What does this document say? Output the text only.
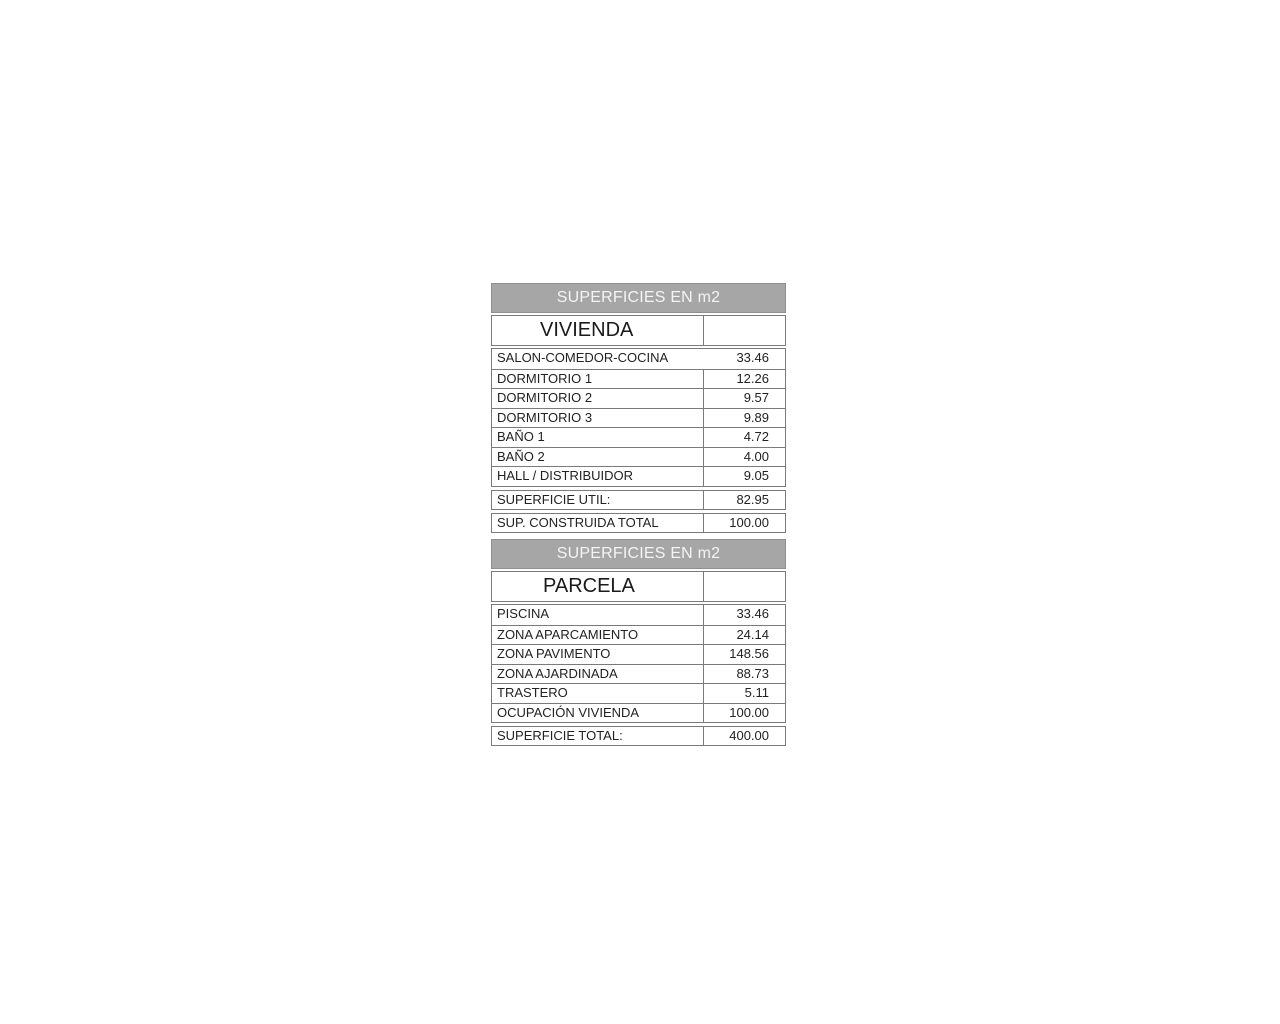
SUPERFICIES EN m2
VIVIENDA
SALON-COMEDOR-COCINA	33.46
DORMITORIO 1	12.26
DORMITORIO 2	9.57
DORMITORIO 3	9.89
BAÑO 1	4.72
BAÑO 2	4.00
HALL / DISTRIBUIDOR	9.05
SUPERFICIE UTIL:	82.95
SUP. CONSTRUIDA TOTAL	100.00
SUPERFICIES EN m2
PARCELA
PISCINA	33.46
ZONA APARCAMIENTO	24.14
ZONA PAVIMENTO	148.56
ZONA AJARDINADA	88.73
TRASTERO	5.11
OCUPACIÓN VIVIENDA	100.00
SUPERFICIE TOTAL:	400.00
